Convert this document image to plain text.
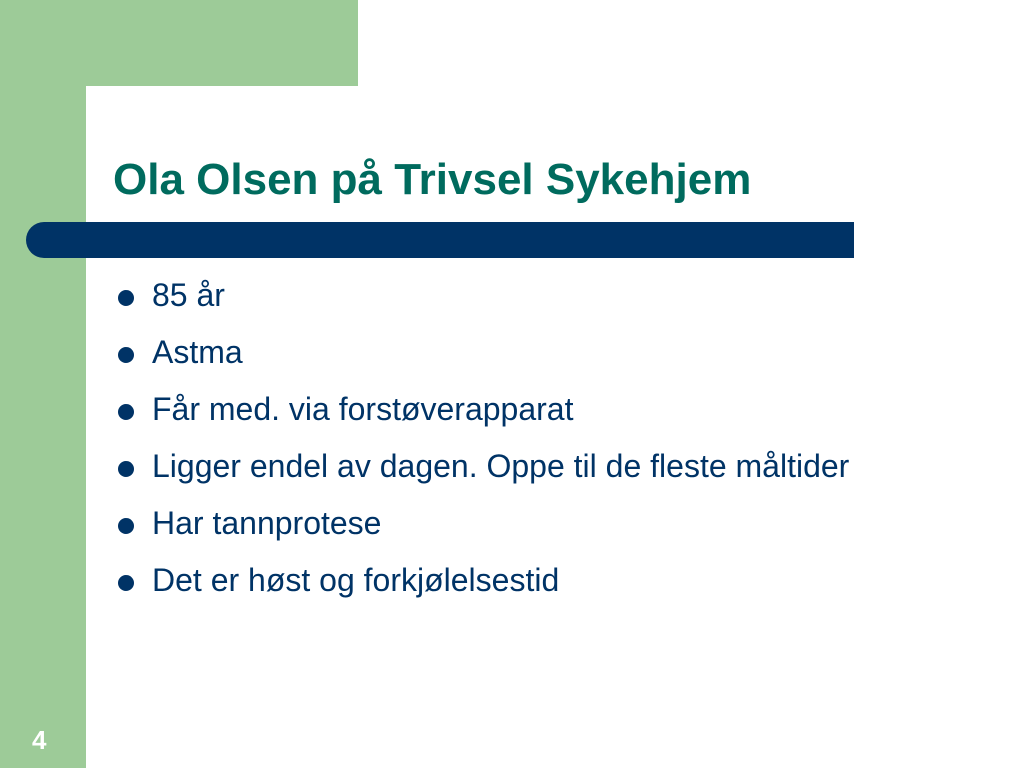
Ola Olsen på Trivsel Sykehjem
85 år
Astma
Får med. via forstøverapparat
Ligger endel av dagen. Oppe til de fleste måltider
Har tannprotese
Det er høst og forkjølelsestid
4
